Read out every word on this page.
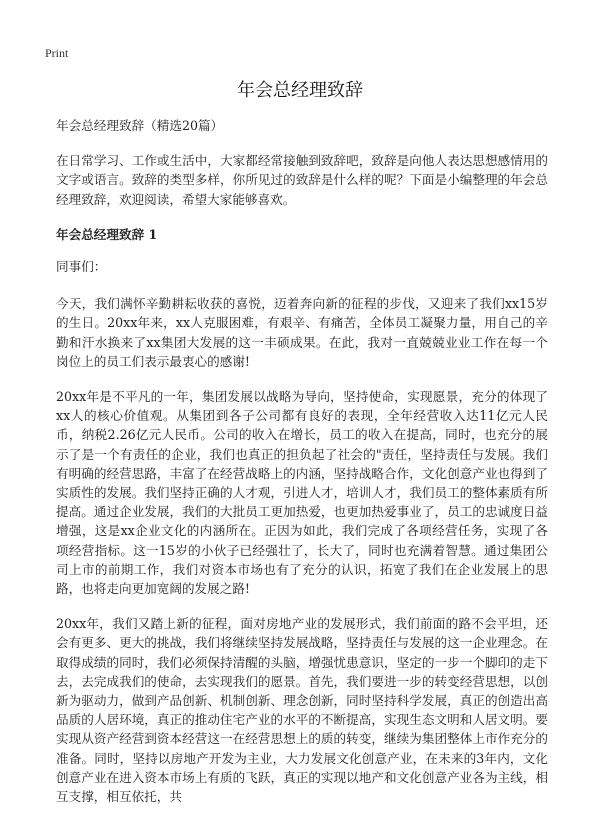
Print
年会总经理致辞

年会总经理致辞（精选20篇）

在日常学习、工作或生活中，大家都经常接触到致辞吧，致辞是向他人表达思想感情用的文字或语言。致辞的类型多样，你所见过的致辞是什么样的呢？下面是小编整理的年会总经理致辞，欢迎阅读，希望大家能够喜欢。

年会总经理致辞 1

同事们：

今天，我们满怀辛勤耕耘收获的喜悦，迈着奔向新的征程的步伐，又迎来了我们xx15岁的生日。20xx年来，xx人克服困难，有艰辛、有痛苦，全体员工凝聚力量，用自己的辛勤和汗水换来了xx集团大发展的这一丰硕成果。在此，我对一直兢兢业业工作在每一个岗位上的员工们表示最衷心的感谢!

20xx年是不平凡的一年，集团发展以战略为导向，坚持使命，实现愿景，充分的体现了xx人的核心价值观。从集团到各子公司都有良好的表现，全年经营收入达11亿元人民币，纳税2.26亿元人民币。公司的收入在增长，员工的收入在提高，同时，也充分的展示了是一个有责任的企业，我们也真正的担负起了社会的"责任，坚持责任与发展。我们有明确的经营思路，丰富了在经营战略上的内涵，坚持战略合作，文化创意产业也得到了实质性的发展。我们坚持正确的人才观，引进人才，培训人才，我们员工的整体素质有所提高。通过企业发展，我们的大批员工更加热爱，也更加热爱事业了，员工的忠诚度日益增强，这是xx企业文化的内涵所在。正因为如此，我们完成了各项经营任务，实现了各项经营指标。这一15岁的小伙子已经强壮了，长大了，同时也充满着智慧。通过集团公司上市的前期工作，我们对资本市场也有了充分的认识，拓宽了我们在企业发展上的思路，也将走向更加宽阔的发展之路!

20xx年，我们又踏上新的征程，面对房地产业的发展形式，我们前面的路不会平坦，还会有更多、更大的挑战，我们将继续坚持发展战略，坚持责任与发展的这一企业理念。在取得成绩的同时，我们必须保持清醒的头脑，增强忧患意识，坚定的一步一个脚印的走下去，去完成我们的使命，去实现我们的愿景。首先，我们要进一步的转变经营思想，以创新为驱动力，做到产品创新、机制创新、理念创新，同时坚持科学发展，真正的创造出高品质的人居环境，真正的推动住宅产业的水平的不断提高，实现生态文明和人居文明。要实现从资产经营到资本经营这一在经营思想上的质的转变，继续为集团整体上市作充分的准备。同时，坚持以房地产开发为主业，大力发展文化创意产业，在未来的3年内，文化创意产业在进入资本市场上有质的飞跃，真正的实现以地产和文化创意产业各为主线，相互支撑，相互依托，共
